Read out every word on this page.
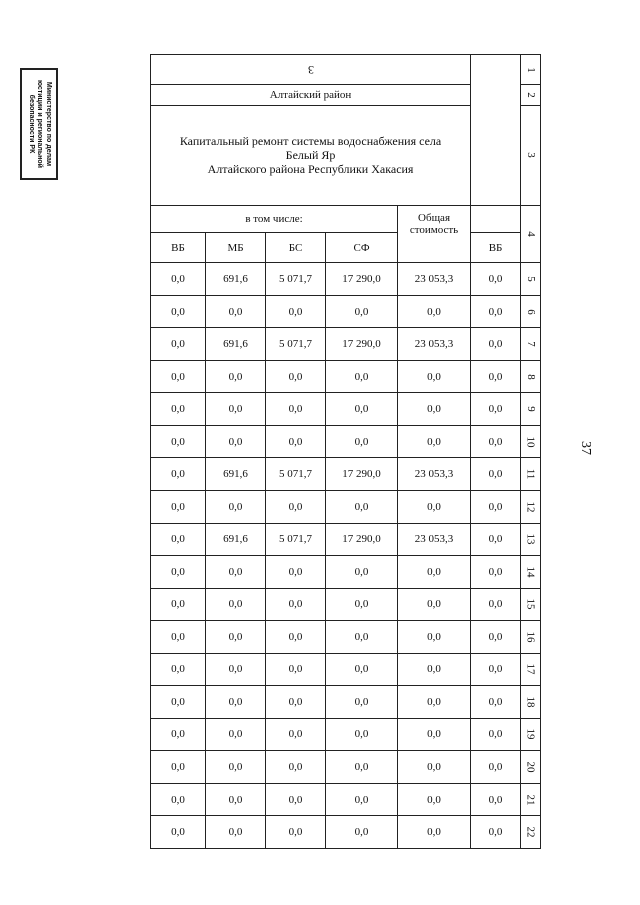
Министерство по делам юстиции и региональной безопасности РК
37
3						1
Алтайский район						2

Капитальный ремонт системы водоснабжения села
Белый Яр
Алтайского района Республики Хакасия						3
в том числе:				Общая
стоимость		4
ВБ	МБ	БС	СФ		ВБ	
0,0	691,6	5 071,7	17 290,0	23 053,3	0,0	5
0,0	0,0	0,0	0,0	0,0	0,0	6
0,0	691,6	5 071,7	17 290,0	23 053,3	0,0	7
0,0	0,0	0,0	0,0	0,0	0,0	8
0,0	0,0	0,0	0,0	0,0	0,0	9
0,0	0,0	0,0	0,0	0,0	0,0	10
0,0	691,6	5 071,7	17 290,0	23 053,3	0,0	11
0,0	0,0	0,0	0,0	0,0	0,0	12
0,0	691,6	5 071,7	17 290,0	23 053,3	0,0	13
0,0	0,0	0,0	0,0	0,0	0,0	14
0,0	0,0	0,0	0,0	0,0	0,0	15
0,0	0,0	0,0	0,0	0,0	0,0	16
0,0	0,0	0,0	0,0	0,0	0,0	17
0,0	0,0	0,0	0,0	0,0	0,0	18
0,0	0,0	0,0	0,0	0,0	0,0	19
0,0	0,0	0,0	0,0	0,0	0,0	20
0,0	0,0	0,0	0,0	0,0	0,0	21
0,0	0,0	0,0	0,0	0,0	0,0	22
